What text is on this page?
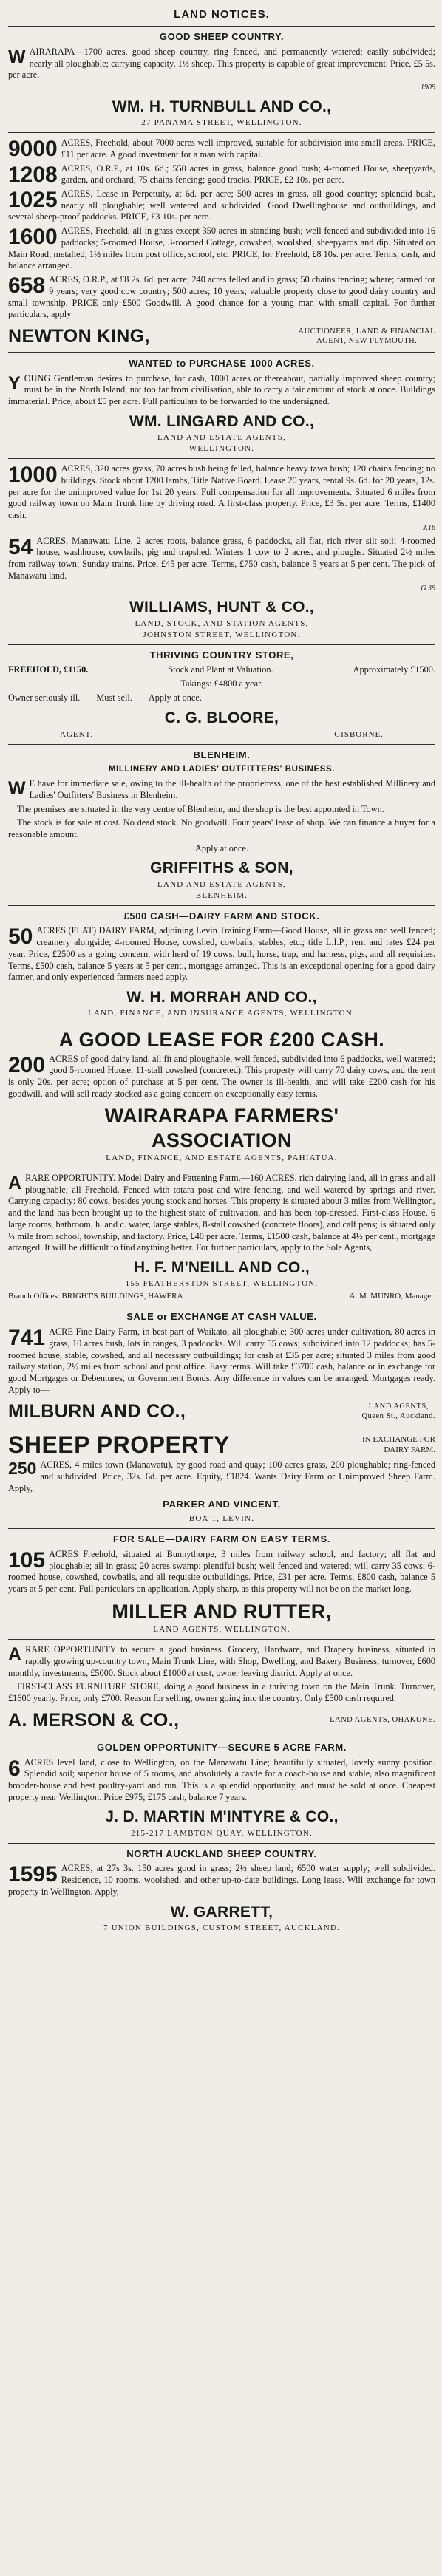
LAND NOTICES.
GOOD SHEEP COUNTRY.

WAIRARAPA—1700 acres, good sheep country, ring fenced, and permanently watered; easily subdivided; nearly all ploughable; carrying capacity, 1½ sheep. This property is capable of great improvement. Price, £5 5s. per acre.

1909
WM. H. TURNBULL AND CO.,
27 PANAMA STREET, WELLINGTON.

9000 ACRES, Freehold, about 7000 acres well improved, suitable for subdivision into small areas. PRICE, £11 per acre. A good investment for a man with capital.

1208 ACRES, O.R.P., at 10s. 6d.; 550 acres in grass, balance good bush; 4-roomed House, sheepyards, garden, and orchard; 75 chains fencing; good tracks. PRICE, £2 10s. per acre.

1025 ACRES, Lease in Perpetuity, at 6d. per acre; 500 acres in grass, all good country; splendid bush, nearly all ploughable; well watered and subdivided. Good Dwellinghouse and outbuildings, and several sheep-proof paddocks. PRICE, £3 10s. per acre.

1600 ACRES, Freehold, all in grass except 350 acres in standing bush; well fenced and subdivided into 16 paddocks; 5-roomed House, 3-roomed Cottage, cowshed, woolshed, sheepyards and dip. Situated on Main Road, metalled, 1½ miles from post office, school, etc. PRICE, for Freehold, £8 10s. per acre. Terms, cash, and balance arranged.

658 ACRES, O.R.P., at £8 2s. 6d. per acre; 240 acres felled and in grass; 50 chains fencing; where; farmed for 9 years; very good cow country; 500 acres; 10 years; valuable property close to good dairy country and small township. PRICE only £500 Goodwill. A good chance for a young man with small capital. For further particulars, apply

NEWTON KING,	AUCTIONEER, LAND & FINANCIAL
AGENT, NEW PLYMOUTH.
WANTED to PURCHASE 1000 ACRES.

YOUNG Gentleman desires to purchase, for cash, 1000 acres or thereabout, partially improved sheep country; must be in the North Island, not too far from civilisation, able to carry a fair amount of stock at once. Buildings immaterial. Price, about £5 per acre. Full particulars to be forwarded to the undersigned.

WM. LINGARD AND CO.,
LAND AND ESTATE AGENTS,
WELLINGTON.

1000 ACRES, 320 acres grass, 70 acres bush being felled, balance heavy tawa bush; 120 chains fencing; no buildings. Stock about 1200 lambs, Title Native Board. Lease 20 years, rental 9s. 6d. for 20 years, 12s. per acre for the unimproved value for 1st 20 years. Full compensation for all improvements. Situated 6 miles from good railway town on Main Trunk line by driving road. A first-class property. Price, £3 5s. per acre. Terms, £1400 cash.

J.16

54 ACRES, Manawatu Line, 2 acres roots, balance grass, 6 paddocks, all flat, rich river silt soil; 4-roomed house, washhouse, cowbails, pig and trapshed. Winters 1 cow to 2 acres, and ploughs. Situated 2½ miles from railway town; Sunday trains. Price, £45 per acre. Terms, £750 cash, balance 5 years at 5 per cent. The pick of Manawatu land.

G.39
WILLIAMS, HUNT & CO.,
LAND, STOCK, AND STATION AGENTS,
JOHNSTON STREET, WELLINGTON.
THRIVING COUNTRY STORE,
FREEHOLD, £1150.	Stock and Plant at Valuation.	Approximately £1500.
Takings: £4800 a year.
Owner seriously ill. Must sell. Apply at once.
C. G. BLOORE,
AGENT.	GISBORNE.
BLENHEIM.
MILLINERY AND LADIES' OUTFITTERS' BUSINESS.

W E have for immediate sale, owing to the ill-health of the proprietress, one of the best established Millinery and Ladies' Outfitters' Business in Blenheim.

The premises are situated in the very centre of Blenheim, and the shop is the best appointed in Town.

The stock is for sale at cost. No dead stock. No goodwill. Four years' lease of shop. We can finance a buyer for a reasonable amount.

Apply at once.
GRIFFITHS & SON,
LAND AND ESTATE AGENTS,
BLENHEIM.
£500 CASH—DAIRY FARM AND STOCK.

50 ACRES (FLAT) DAIRY FARM, adjoining Levin Training Farm—Good House, all in grass and well fenced; creamery alongside; 4-roomed House, cowshed, cowbails, stables, etc.; title L.I.P.; rent and rates £24 per year. Price, £2500 as a going concern, with herd of 19 cows, bull, horse, trap, and harness, pigs, and all requisites. Terms, £500 cash, balance 5 years at 5 per cent., mortgage arranged. This is an exceptional opening for a good dairy farmer, and only experienced farmers need apply.

W. H. MORRAH AND CO.,
LAND, FINANCE, AND INSURANCE AGENTS, WELLINGTON.
A GOOD LEASE FOR £200 CASH.

200 ACRES of good dairy land, all fit and ploughable, well fenced, subdivided into 6 paddocks, well watered; good 5-roomed House; 11-stall cowshed (concreted). This property will carry 70 dairy cows, and the rent is only 20s. per acre; option of purchase at 5 per cent. The owner is ill-health, and will take £200 cash for his goodwill, and will sell ready stocked as a going concern on exceptionally easy terms.

WAIRARAPA FARMERS'
ASSOCIATION
LAND, FINANCE, AND ESTATE AGENTS, PAHIATUA.

ARARE OPPORTUNITY. Model Dairy and Fattening Farm.—160 ACRES, rich dairying land, all in grass and all ploughable; all Freehold. Fenced with totara post and wire fencing, and well watered by springs and river. Carrying capacity: 80 cows, besides young stock and horses. This property is situated about 3 miles from Wellington, and the land has been brought up to the highest state of cultivation, and has been top-dressed. First-class House, 6 large rooms, bathroom, h. and c. water, large stables, 8-stall cowshed (concrete floors), and calf pens; is situated only ¼ mile from school, township, and factory. Price, £40 per acre. Terms, £1500 cash, balance at 4½ per cent., mortgage arranged. It will be difficult to find anything better. For further particulars, apply to the Sole Agents,

H. F. M'NEILL AND CO.,
155 FEATHERSTON STREET, WELLINGTON.
Branch Offices: BRIGHT'S BUILDINGS, HAWERA.	A. M. MUNRO, Manager.
SALE or EXCHANGE AT CASH VALUE.

741 ACRE Fine Dairy Farm, in best part of Waikato, all ploughable; 300 acres under cultivation, 80 acres in grass, 10 acres bush, lots in ranges, 3 paddocks. Will carry 55 cows; subdivided into 12 paddocks; has 5-roomed house, stable, cowshed, and all necessary outbuildings; for cash at £35 per acre; situated 3 miles from good railway station, 2½ miles from school and post office. Easy terms. Will take £3700 cash, balance or in exchange for good Mortgages or Debentures, or Government Bonds. Any difference in values can be arranged. Mortgages ready. Apply to—

MILBURN AND CO.,	LAND AGENTS,
Queen St., Auckland.
SHEEP PROPERTY	IN EXCHANGE FOR
DAIRY FARM.

250 ACRES, 4 miles town (Manawatu), by good road and quay; 100 acres grass, 200 ploughable; ring-fenced and subdivided. Price, 32s. 6d. per acre. Equity, £1824. Wants Dairy Farm or Unimproved Sheep Farm. Apply,

PARKER AND VINCENT,
BOX 1, LEVIN.
FOR SALE—DAIRY FARM ON EASY TERMS.

105 ACRES Freehold, situated at Bunnythorpe, 3 miles from railway school, and factory; all flat and ploughable; all in grass; 20 acres swamp; plentiful bush; well fenced and watered; will carry 35 cows; 6-roomed house, cowshed, cowbails, and all requisite outbuildings. Price, £31 per acre. Terms, £800 cash, balance 5 years at 5 per cent. Full particulars on application. Apply sharp, as this property will not be on the market long.

MILLER AND RUTTER,
LAND AGENTS, WELLINGTON.

ARARE OPPORTUNITY to secure a good business. Grocery, Hardware, and Drapery business, situated in rapidly growing up-country town, Main Trunk Line, with Shop, Dwelling, and Bakery Business; turnover, £600 monthly, investments, £5000. Stock about £1000 at cost, owner leaving district. Apply at once.

FIRST-CLASS FURNITURE STORE, doing a good business in a thriving town on the Main Trunk. Turnover, £1600 yearly. Price, only £700. Reason for selling, owner going into the country. Only £500 cash required.

A. MERSON & CO.,	LAND AGENTS, OHAKUNE.
GOLDEN OPPORTUNITY—SECURE 5 ACRE FARM.

6 ACRES level land, close to Wellington, on the Manawatu Line; beautifully situated, lovely sunny position. Splendid soil; superior house of 5 rooms, and absolutely a castle for a coach-house and stable, also magnificent brooder-house and best poultry-yard and run. This is a splendid opportunity, and must be sold at once. Cheapest property near Wellington. Price £975; £175 cash, balance 7 years.

J. D. MARTIN M'INTYRE & CO.,
215-217 LAMBTON QUAY, WELLINGTON.
NORTH AUCKLAND SHEEP COUNTRY.

1595 ACRES, at 27s 3s. 150 acres good in grass; 2½ sheep land; 6500 water supply; well subdivided. Residence, 10 rooms, woolshed, and other up-to-date buildings. Long lease. Will exchange for town property in Wellington. Apply,

W. GARRETT,
7 UNION BUILDINGS, CUSTOM STREET, AUCKLAND.
